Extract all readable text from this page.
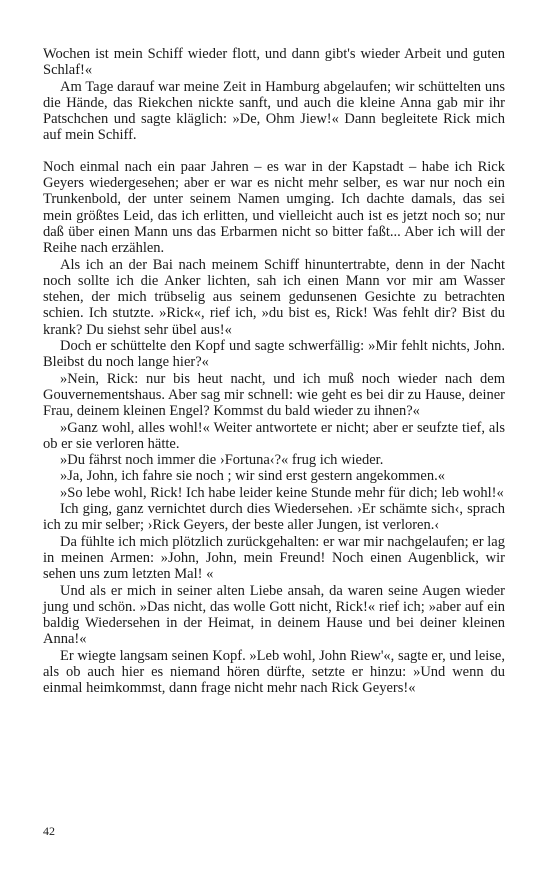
Wochen ist mein Schiff wieder flott, und dann gibt's wieder Arbeit und guten Schlaf!«

Am Tage darauf war meine Zeit in Hamburg abgelaufen; wir schüttelten uns die Hände, das Riekchen nickte sanft, und auch die kleine Anna gab mir ihr Patschchen und sagte kläglich: »De, Ohm Jiew!« Dann begleitete Rick mich auf mein Schiff.

Noch einmal nach ein paar Jahren – es war in der Kapstadt – habe ich Rick Geyers wiedergesehen; aber er war es nicht mehr selber, es war nur noch ein Trunkenbold, der unter seinem Namen umging. Ich dachte damals, das sei mein größtes Leid, das ich erlitten, und vielleicht auch ist es jetzt noch so; nur daß über einen Mann uns das Erbarmen nicht so bitter faßt... Aber ich will der Reihe nach erzählen.

Als ich an der Bai nach meinem Schiff hinuntertrabte, denn in der Nacht noch sollte ich die Anker lichten, sah ich einen Mann vor mir am Wasser stehen, der mich trübselig aus seinem gedunsenen Gesichte zu betrachten schien. Ich stutzte. »Rick«, rief ich, »du bist es, Rick! Was fehlt dir? Bist du krank? Du siehst sehr übel aus!«

Doch er schüttelte den Kopf und sagte schwerfällig: »Mir fehlt nichts, John. Bleibst du noch lange hier?«

»Nein, Rick: nur bis heut nacht, und ich muß noch wieder nach dem Gouvernementshaus. Aber sag mir schnell: wie geht es bei dir zu Hause, deiner Frau, deinem kleinen Engel? Kommst du bald wieder zu ihnen?«

»Ganz wohl, alles wohl!« Weiter antwortete er nicht; aber er seufzte tief, als ob er sie verloren hätte.

»Du fährst noch immer die ›Fortuna‹?« frug ich wieder.

»Ja, John, ich fahre sie noch ; wir sind erst gestern angekommen.«

»So lebe wohl, Rick! Ich habe leider keine Stunde mehr für dich; leb wohl!«

Ich ging, ganz vernichtet durch dies Wiedersehen. ›Er schämte sich‹, sprach ich zu mir selber; ›Rick Geyers, der beste aller Jungen, ist verloren.‹

Da fühlte ich mich plötzlich zurückgehalten: er war mir nachgelaufen; er lag in meinen Armen: »John, John, mein Freund! Noch einen Augenblick, wir sehen uns zum letzten Mal! «

Und als er mich in seiner alten Liebe ansah, da waren seine Augen wieder jung und schön. »Das nicht, das wolle Gott nicht, Rick!« rief ich; »aber auf ein baldig Wiedersehen in der Heimat, in deinem Hause und bei deiner kleinen Anna!«

Er wiegte langsam seinen Kopf. »Leb wohl, John Riew'«, sagte er, und leise, als ob auch hier es niemand hören dürfte, setzte er hinzu: »Und wenn du einmal heimkommst, dann frage nicht mehr nach Rick Geyers!«

42
